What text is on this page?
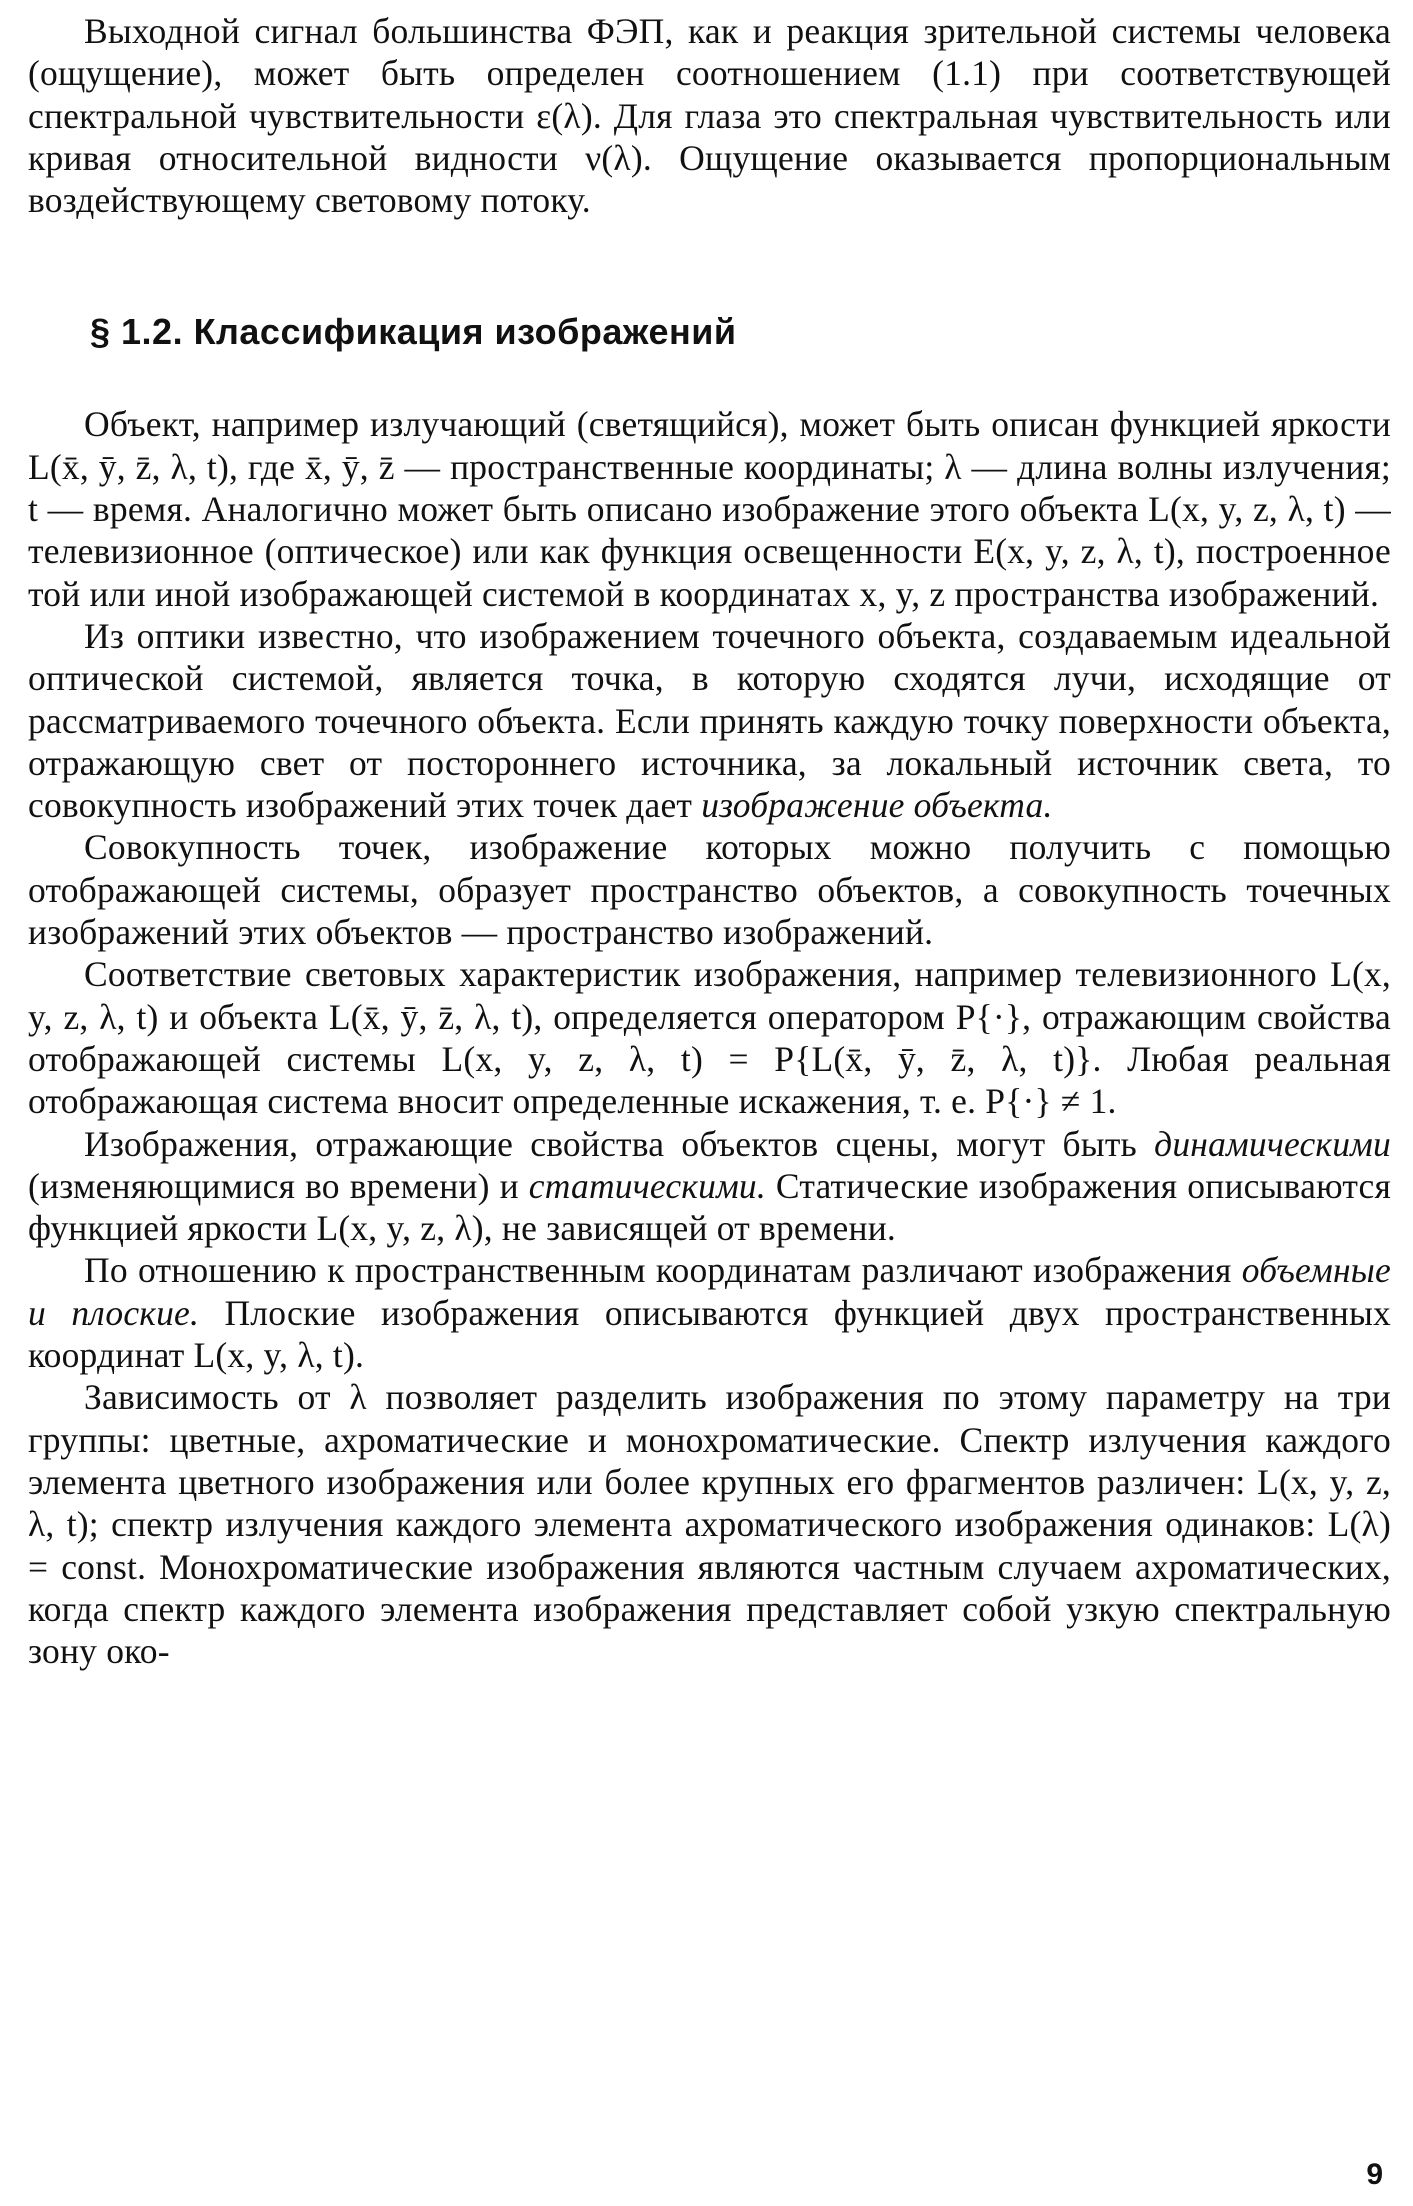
Выходной сигнал большинства ФЭП, как и реакция зрительной системы человека (ощущение), может быть определен соотношением (1.1) при соответствующей спектральной чувствительности ε(λ). Для глаза это спектральная чувствительность или кривая относительной видности ν(λ). Ощущение оказывается пропорциональным воздействующему световому потоку.

§ 1.2. Классификация изображений

Объект, например излучающий (светящийся), может быть описан функцией яркости L(x̄, ȳ, z̄, λ, t), где x̄, ȳ, z̄ — пространственные координаты; λ — длина волны излучения; t — время. Аналогично может быть описано изображение этого объекта L(x, y, z, λ, t) — телевизионное (оптическое) или как функция освещенности E(x, y, z, λ, t), построенное той или иной изображающей системой в координатах x, y, z пространства изображений.

Из оптики известно, что изображением точечного объекта, создаваемым идеальной оптической системой, является точка, в которую сходятся лучи, исходящие от рассматриваемого точечного объекта. Если принять каждую точку поверхности объекта, отражающую свет от постороннего источника, за локальный источник света, то совокупность изображений этих точек дает изображение объекта.

Совокупность точек, изображение которых можно получить с помощью отображающей системы, образует пространство объектов, а совокупность точечных изображений этих объектов — пространство изображений.

Соответствие световых характеристик изображения, например телевизионного L(x, y, z, λ, t) и объекта L(x̄, ȳ, z̄, λ, t), определяется оператором P{·}, отражающим свойства отображающей системы L(x, y, z, λ, t) = P{L(x̄, ȳ, z̄, λ, t)}. Любая реальная отображающая система вносит определенные искажения, т. е. P{·} ≠ 1.

Изображения, отражающие свойства объектов сцены, могут быть динамическими (изменяющимися во времени) и статическими. Статические изображения описываются функцией яркости L(x, y, z, λ), не зависящей от времени.

По отношению к пространственным координатам различают изображения объемные и плоские. Плоские изображения описываются функцией двух пространственных координат L(x, y, λ, t).

Зависимость от λ позволяет разделить изображения по этому параметру на три группы: цветные, ахроматические и монохроматические. Спектр излучения каждого элемента цветного изображения или более крупных его фрагментов различен: L(x, y, z, λ, t); спектр излучения каждого элемента ахроматического изображения одинаков: L(λ) = const. Монохроматические изображения являются частным случаем ахроматических, когда спектр каждого элемента изображения представляет собой узкую спектральную зону око-

9
